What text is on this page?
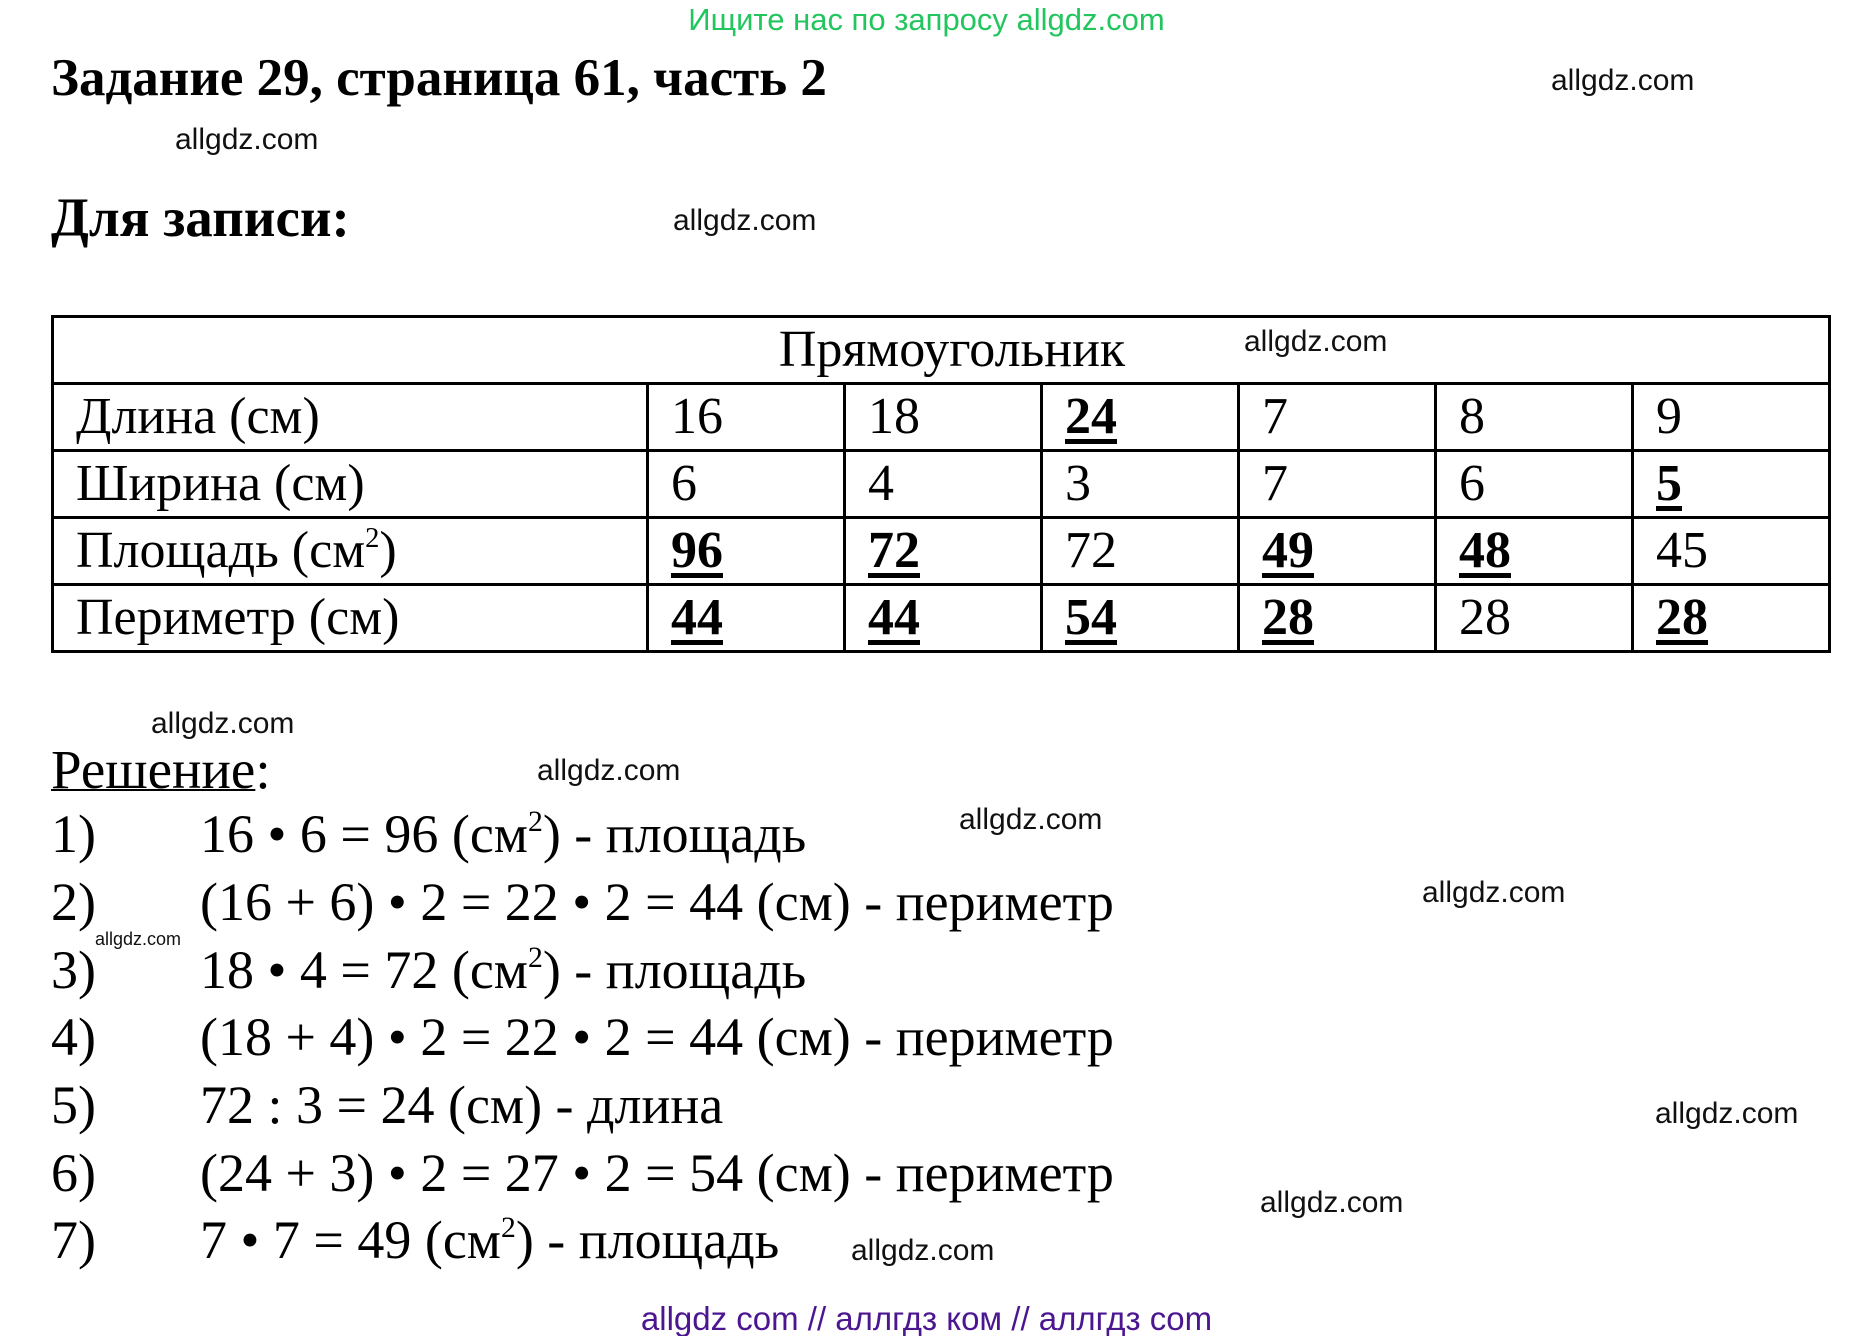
Ищите нас по запросу allgdz.com
Задание 29, страница 61, часть 2
Для записи:
Прямоугольник						
Длина (см)	16	18	24	7	8	9
Ширина (см)	6	4	3	7	6	5
Площадь $(см^2)$	96	72	72	49	48	45
Периметр (см)	44	44	54	28	28	28
Решение:
1) 16 • 6 = 96 $(см^2)$ - площадь
2) (16 + 6) • 2 = 22 • 2 = 44 (см) - периметр
3) 18 • 4 = 72 $(см^2)$ - площадь
4) (18 + 4) • 2 = 22 • 2 = 44 (см) - периметр
5) 72 : 3 = 24 (см) - длина
6) (24 + 3) • 2 = 27 • 2 = 54 (см) - периметр
7) 7 • 7 = 49 $(см^2)$ - площадь
allgdz.com
allgdz.com
allgdz.com
allgdz.com
allgdz.com
allgdz.com
allgdz.com
allgdz.com
allgdz.com
allgdz.com
allgdz.com
allgdz.com
allgdz com // аллгдз ком // аллгдз com
